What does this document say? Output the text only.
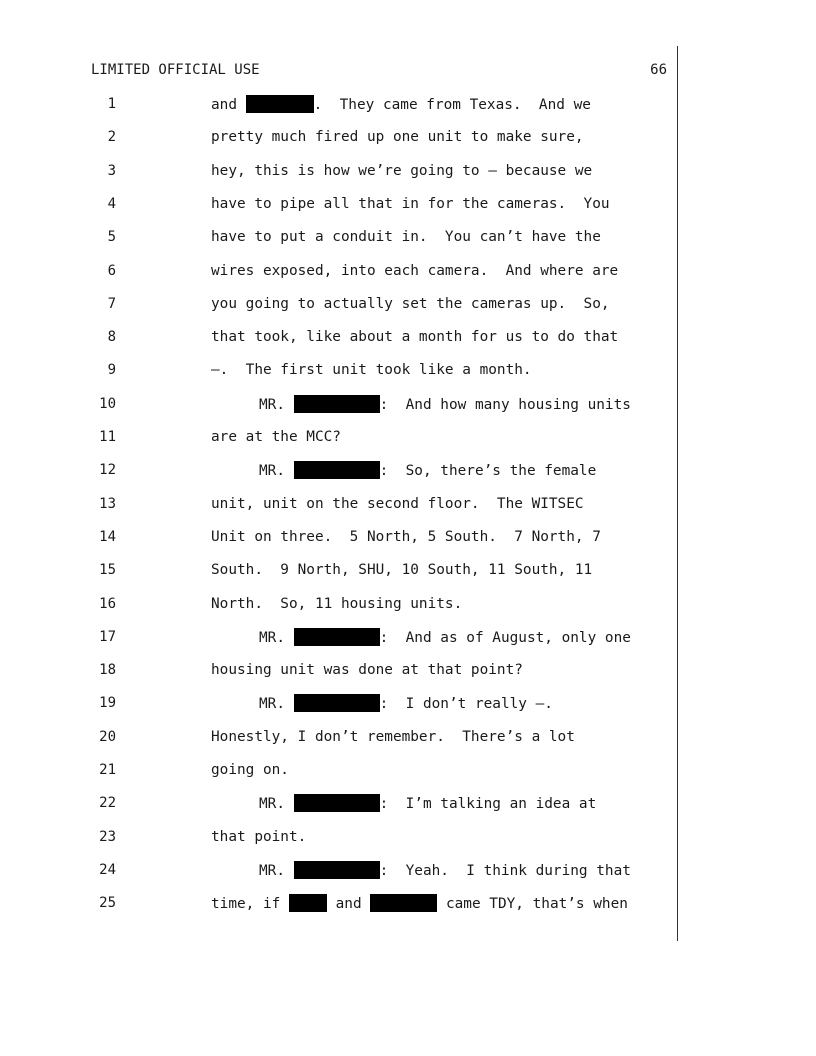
LIMITED OFFICIAL USE	66
1	and	.  They came from Texas.  And we
2	pretty much fired up one unit to make sure,
3	hey, this is how we’re going to – because we
4	have to pipe all that in for the cameras.  You
5	have to put a conduit in.  You can’t have the
6	wires exposed, into each camera.  And where are
7	you going to actually set the cameras up.  So,
8	that took, like about a month for us to do that
9	–.  The first unit took like a month.
10	MR.	:  And how many housing units
11	are at the MCC?
12	MR.	:  So, there’s the female
13	unit, unit on the second floor.  The WITSEC
14	Unit on three.  5 North, 5 South.  7 North, 7
15	South.  9 North, SHU, 10 South, 11 South, 11
16	North.  So, 11 housing units.
17	MR.	:  And as of August, only one
18	housing unit was done at that point?
19	MR.	:  I don’t really –.
20	Honestly, I don’t remember.  There’s a lot
21	going on.
22	MR.	:  I’m talking an idea at
23	that point.
24	MR.	:  Yeah.  I think during that
25	time, if	and	came TDY, that’s when
